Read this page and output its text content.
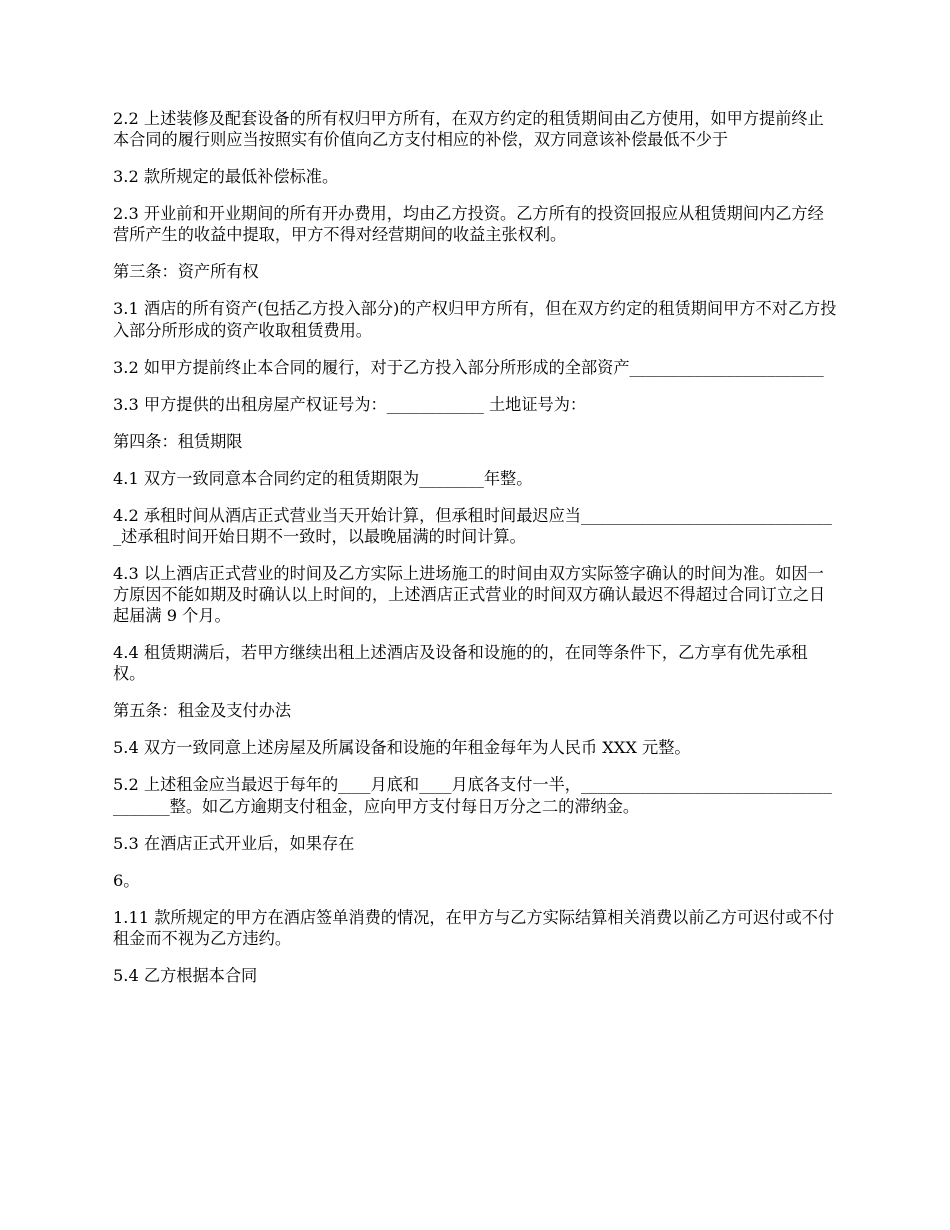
2.2 上述装修及配套设备的所有权归甲方所有，在双方约定的租赁期间由乙方使用，如甲方提前终止本合同的履行则应当按照实有价值向乙方支付相应的补偿，双方同意该补偿最低不少于

3.2 款所规定的最低补偿标准。

2.3 开业前和开业期间的所有开办费用，均由乙方投资。乙方所有的投资回报应从租赁期间内乙方经营所产生的收益中提取，甲方不得对经营期间的收益主张权利。

第三条：资产所有权

3.1 酒店的所有资产(包括乙方投入部分)的产权归甲方所有，但在双方约定的租赁期间甲方不对乙方投入部分所形成的资产收取租赁费用。

3.2 如甲方提前终止本合同的履行，对于乙方投入部分所形成的全部资产________________________

3.3 甲方提供的出租房屋产权证号为：____________ 土地证号为：

第四条：租赁期限

4.1 双方一致同意本合同约定的租赁期限为________年整。

4.2 承租时间从酒店正式营业当天开始计算，但承租时间最迟应当________________________________述承租时间开始日期不一致时，以最晚届满的时间计算。

4.3 以上酒店正式营业的时间及乙方实际上进场施工的时间由双方实际签字确认的时间为准。如因一方原因不能如期及时确认以上时间的，上述酒店正式营业的时间双方确认最迟不得超过合同订立之日起届满 9 个月。

4.4 租赁期满后，若甲方继续出租上述酒店及设备和设施的的，在同等条件下，乙方享有优先承租权。

第五条：租金及支付办法

5.4 双方一致同意上述房屋及所属设备和设施的年租金每年为人民币 XXX 元整。

5.2 上述租金应当最迟于每年的____月底和____月底各支付一半，______________________________________整。如乙方逾期支付租金，应向甲方支付每日万分之二的滞纳金。

5.3 在酒店正式开业后，如果存在

6。

1.11 款所规定的甲方在酒店签单消费的情况，在甲方与乙方实际结算相关消费以前乙方可迟付或不付租金而不视为乙方违约。

5.4 乙方根据本合同
